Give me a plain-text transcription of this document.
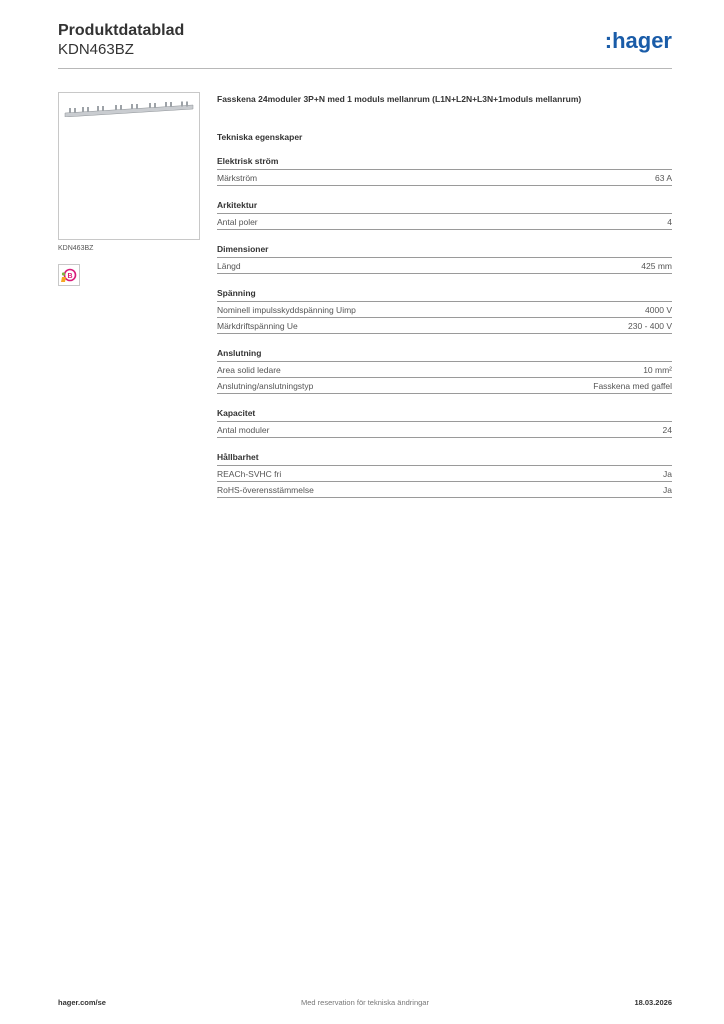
Produktdatablad
KDN463BZ	:hager
KDN463BZ
B
Fasskena 24moduler 3P+N med 1 moduls mellanrum (L1N+L2N+L3N+1moduls mellanrum)
Tekniska egenskaper
Elektrisk ström
Märkström	63 A
Arkitektur
Antal poler	4
Dimensioner
Längd	425 mm
Spänning
Nominell impulsskyddspänning Uimp	4000 V
Märkdriftspänning Ue	230 - 400 V
Anslutning
Area solid ledare	10 mm²
Anslutning/anslutningstyp	Fasskena med gaffel
Kapacitet
Antal moduler	24
Hållbarhet
REACh-SVHC fri	Ja
RoHS-överensstämmelse	Ja
hager.com/se	Med reservation för tekniska ändringar	18.03.2026
